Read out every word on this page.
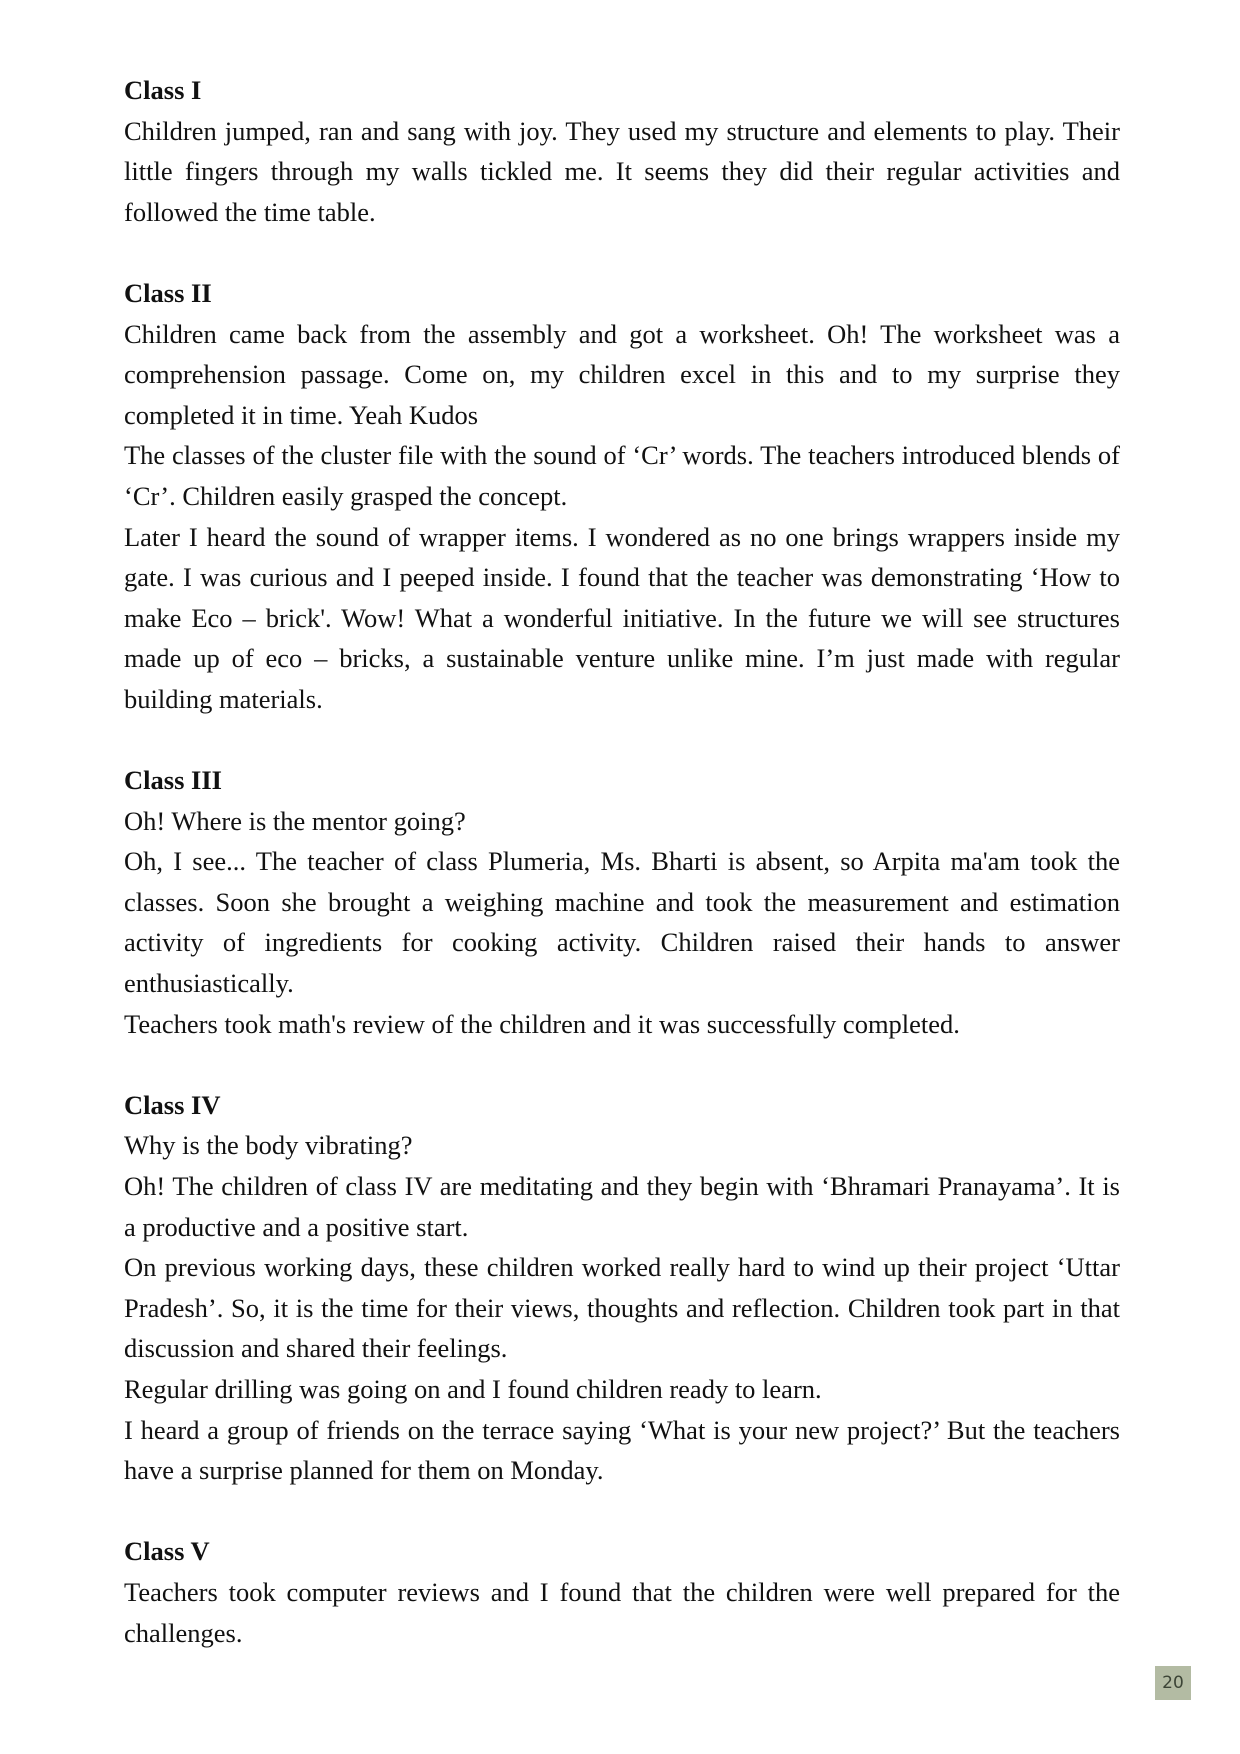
Class I

Children jumped, ran and sang with joy. They used my structure and elements to play. Their little fingers through my walls tickled me. It seems they did their regular activities and followed the time table.

Class II

Children came back from the assembly and got a worksheet. Oh! The worksheet was a comprehension passage. Come on, my children excel in this and to my surprise they completed it in time. Yeah Kudos

The classes of the cluster file with the sound of ‘Cr’ words. The teachers introduced blends of ‘Cr’. Children easily grasped the concept.

Later I heard the sound of wrapper items. I wondered as no one brings wrappers inside my gate. I was curious and I peeped inside. I found that the teacher was demonstrating ‘How to make Eco – brick'. Wow! What a wonderful initiative. In the future we will see structures made up of eco – bricks, a sustainable venture unlike mine. I’m just made with regular building materials.

Class III

Oh! Where is the mentor going?

Oh, I see... The teacher of class Plumeria, Ms. Bharti is absent, so Arpita ma'am took the classes. Soon she brought a weighing machine and took the measurement and estimation activity of ingredients for cooking activity. Children raised their hands to answer enthusiastically.

Teachers took math's review of the children and it was successfully completed.

Class IV

Why is the body vibrating?

Oh! The children of class IV are meditating and they begin with ‘Bhramari Pranayama’. It is a productive and a positive start.

On previous working days, these children worked really hard to wind up their project ‘Uttar Pradesh’. So, it is the time for their views, thoughts and reflection. Children took part in that discussion and shared their feelings.

Regular drilling was going on and I found children ready to learn.

I heard a group of friends on the terrace saying ‘What is your new project?’ But the teachers have a surprise planned for them on Monday.

Class V

Teachers took computer reviews and I found that the children were well prepared for the challenges.

20
